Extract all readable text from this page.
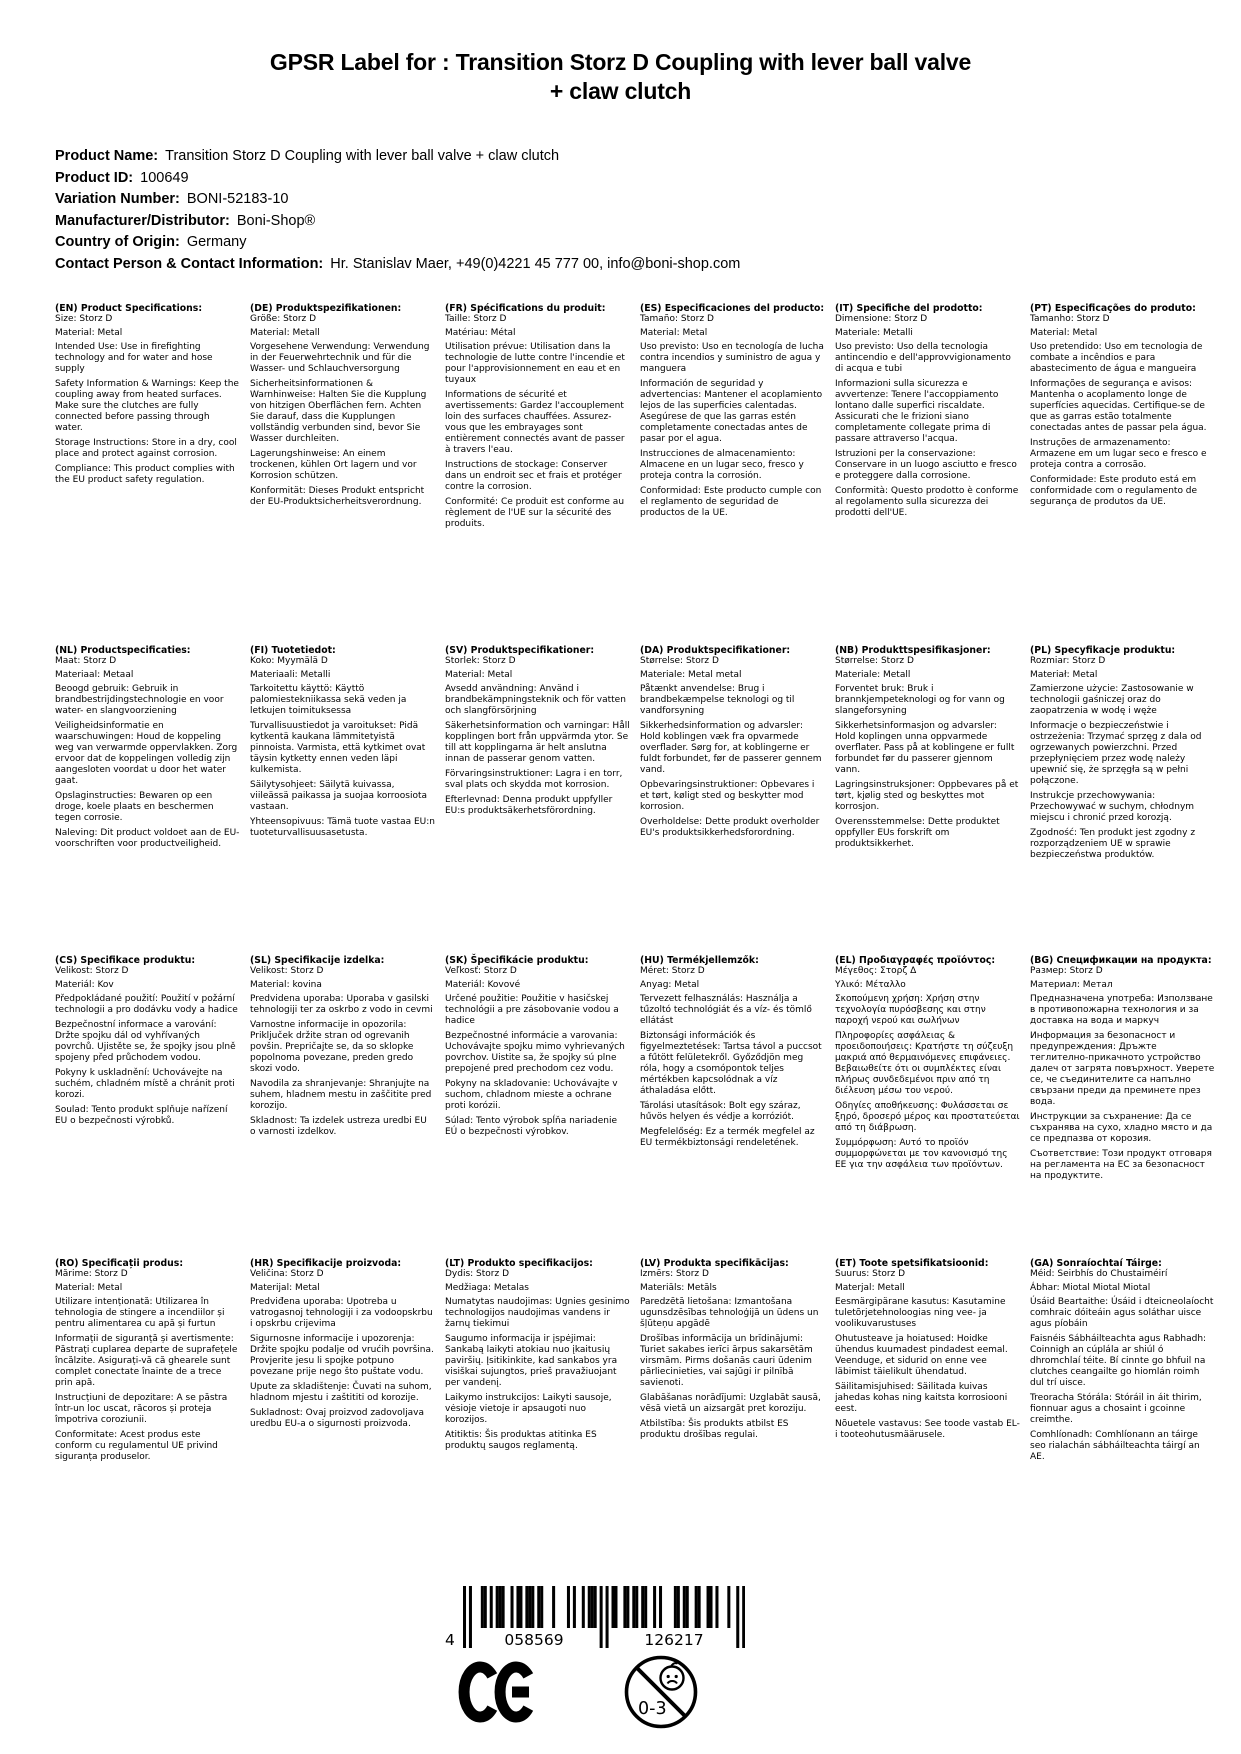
GPSR Label for : Transition Storz D Coupling with lever ball valve
+ claw clutch
Product Name: Transition Storz D Coupling with lever ball valve + claw clutch
Product ID: 100649
Variation Number: BONI-52183-10
Manufacturer/Distributor: Boni-Shop®
Country of Origin: Germany
Contact Person & Contact Information: Hr. Stanislav Maer, +49(0)4221 45 777 00, info@boni-shop.com
(EN) Product Specifications:

Size: Storz D

Material: Metal

Intended Use: Use in firefighting technology and for water and hose supply

Safety Information & Warnings: Keep the coupling away from heated surfaces. Make sure the clutches are fully connected before passing through water.

Storage Instructions: Store in a dry, cool place and protect against corrosion.

Compliance: This product complies with the EU product safety regulation.

(DE) Produktspezifikationen:

Größe: Storz D

Material: Metall

Vorgesehene Verwendung: Verwendung in der Feuerwehrtechnik und für die Wasser- und Schlauchversorgung

Sicherheitsinformationen & Warnhinweise: Halten Sie die Kupplung von hitzigen Oberflächen fern. Achten Sie darauf, dass die Kupplungen vollständig verbunden sind, bevor Sie Wasser durchleiten.

Lagerungshinweise: An einem trockenen, kühlen Ort lagern und vor Korrosion schützen.

Konformität: Dieses Produkt entspricht der EU-Produktsicherheitsverordnung.

(FR) Spécifications du produit:

Taille: Storz D

Matériau: Métal

Utilisation prévue: Utilisation dans la technologie de lutte contre l'incendie et pour l'approvisionnement en eau et en tuyaux

Informations de sécurité et avertissements: Gardez l'accouplement loin des surfaces chauffées. Assurez-vous que les embrayages sont entièrement connectés avant de passer à travers l'eau.

Instructions de stockage: Conserver dans un endroit sec et frais et protéger contre la corrosion.

Conformité: Ce produit est conforme au règlement de l'UE sur la sécurité des produits.

(ES) Especificaciones del producto:

Tamaño: Storz D

Material: Metal

Uso previsto: Uso en tecnología de lucha contra incendios y suministro de agua y manguera

Información de seguridad y advertencias: Mantener el acoplamiento lejos de las superficies calentadas. Asegúrese de que las garras estén completamente conectadas antes de pasar por el agua.

Instrucciones de almacenamiento: Almacene en un lugar seco, fresco y proteja contra la corrosión.

Conformidad: Este producto cumple con el reglamento de seguridad de productos de la UE.

(IT) Specifiche del prodotto:

Dimensione: Storz D

Materiale: Metalli

Uso previsto: Uso della tecnologia antincendio e dell'approvvigionamento di acqua e tubi

Informazioni sulla sicurezza e avvertenze: Tenere l'accoppiamento lontano dalle superfici riscaldate. Assicurati che le frizioni siano completamente collegate prima di passare attraverso l'acqua.

Istruzioni per la conservazione: Conservare in un luogo asciutto e fresco e proteggere dalla corrosione.

Conformità: Questo prodotto è conforme al regolamento sulla sicurezza dei prodotti dell'UE.

(PT) Especificações do produto:

Tamanho: Storz D

Material: Metal

Uso pretendido: Uso em tecnologia de combate a incêndios e para abastecimento de água e mangueira

Informações de segurança e avisos: Mantenha o acoplamento longe de superfícies aquecidas. Certifique-se de que as garras estão totalmente conectadas antes de passar pela água.

Instruções de armazenamento: Armazene em um lugar seco e fresco e proteja contra a corrosão.

Conformidade: Este produto está em conformidade com o regulamento de segurança de produtos da UE.

(NL) Productspecificaties:

Maat: Storz D

Materiaal: Metaal

Beoogd gebruik: Gebruik in brandbestrijdingstechnologie en voor water- en slangvoorziening

Veiligheidsinformatie en waarschuwingen: Houd de koppeling weg van verwarmde oppervlakken. Zorg ervoor dat de koppelingen volledig zijn aangesloten voordat u door het water gaat.

Opslaginstructies: Bewaren op een droge, koele plaats en beschermen tegen corrosie.

Naleving: Dit product voldoet aan de EU-voorschriften voor productveiligheid.

(FI) Tuotetiedot:

Koko: Myymälä D

Materiaali: Metalli

Tarkoitettu käyttö: Käyttö palomiestekniikassa sekä veden ja letkujen toimituksessa

Turvallisuustiedot ja varoitukset: Pidä kytkentä kaukana lämmitetyistä pinnoista. Varmista, että kytkimet ovat täysin kytketty ennen veden läpi kulkemista.

Säilytysohjeet: Säilytä kuivassa, viileässä paikassa ja suojaa korroosiota vastaan.

Yhteensopivuus: Tämä tuote vastaa EU:n tuoteturvallisuusasetusta.

(SV) Produktspecifikationer:

Storlek: Storz D

Material: Metal

Avsedd användning: Använd i brandbekämpningsteknik och för vatten och slangförsörjning

Säkerhetsinformation och varningar: Håll kopplingen bort från uppvärmda ytor. Se till att kopplingarna är helt anslutna innan de passerar genom vatten.

Förvaringsinstruktioner: Lagra i en torr, sval plats och skydda mot korrosion.

Efterlevnad: Denna produkt uppfyller EU:s produktsäkerhetsförordning.

(DA) Produktspecifikationer:

Størrelse: Storz D

Materiale: Metal metal

Påtænkt anvendelse: Brug i brandbekæmpelse teknologi og til vandforsyning

Sikkerhedsinformation og advarsler: Hold koblingen væk fra opvarmede overflader. Sørg for, at koblingerne er fuldt forbundet, før de passerer gennem vand.

Opbevaringsinstruktioner: Opbevares i et tørt, køligt sted og beskytter mod korrosion.

Overholdelse: Dette produkt overholder EU's produktsikkerhedsforordning.

(NB) Produkttspesifikasjoner:

Størrelse: Storz D

Materiale: Metall

Forventet bruk: Bruk i brannkjempeteknologi og for vann og slangeforsyning

Sikkerhetsinformasjon og advarsler: Hold koplingen unna oppvarmede overflater. Pass på at koblingene er fullt forbundet før du passerer gjennom vann.

Lagringsinstruksjoner: Oppbevares på et tørt, kjølig sted og beskyttes mot korrosjon.

Overensstemmelse: Dette produktet oppfyller EUs forskrift om produktsikkerhet.

(PL) Specyfikacje produktu:

Rozmiar: Storz D

Materiał: Metal

Zamierzone użycie: Zastosowanie w technologii gaśniczej oraz do zaopatrzenia w wodę i węże

Informacje o bezpieczeństwie i ostrzeżenia: Trzymać sprzęg z dala od ogrzewanych powierzchni. Przed przepłynięciem przez wodę należy upewnić się, że sprzęgła są w pełni połączone.

Instrukcje przechowywania: Przechowywać w suchym, chłodnym miejscu i chronić przed korozją.

Zgodność: Ten produkt jest zgodny z rozporządzeniem UE w sprawie bezpieczeństwa produktów.

(CS) Specifikace produktu:

Velikost: Storz D

Materiál: Kov

Předpokládané použití: Použití v požární technologii a pro dodávku vody a hadice

Bezpečnostní informace a varování: Držte spojku dál od vyhřívaných povrchů. Ujistěte se, že spojky jsou plně spojeny před průchodem vodou.

Pokyny k uskladnění: Uchovávejte na suchém, chladném místě a chránit proti korozi.

Soulad: Tento produkt splňuje nařízení EU o bezpečnosti výrobků.

(SL) Specifikacije izdelka:

Velikost: Storz D

Material: kovina

Predvidena uporaba: Uporaba v gasilski tehnologiji ter za oskrbo z vodo in cevmi

Varnostne informacije in opozorila: Priključek držite stran od ogrevanih povšin. Prepričajte se, da so sklopke popolnoma povezane, preden gredo skozi vodo.

Navodila za shranjevanje: Shranjujte na suhem, hladnem mestu in zaščitite pred korozijo.

Skladnost: Ta izdelek ustreza uredbi EU o varnosti izdelkov.

(SK) Špecifikácie produktu:

Veľkosť: Storz D

Materiál: Kovové

Určené použitie: Použitie v hasičskej technológii a pre zásobovanie vodou a hadice

Bezpečnostné informácie a varovania: Uchovávajte spojku mimo vyhrievaných povrchov. Uistite sa, že spojky sú plne prepojené pred prechodom cez vodu.

Pokyny na skladovanie: Uchovávajte v suchom, chladnom mieste a ochrane proti korózii.

Súlad: Tento výrobok spĺňa nariadenie EÚ o bezpečnosti výrobkov.

(HU) Termékjellemzők:

Méret: Storz D

Anyag: Metal

Tervezett felhasználás: Használja a tűzoltó technológiát és a víz- és tömlő ellátást

Biztonsági információk és figyelmeztetések: Tartsa távol a puccsot a fűtött felületekről. Győződjön meg róla, hogy a csomópontok teljes mértékben kapcsolódnak a víz áthaladása előtt.

Tárolási utasítások: Bolt egy száraz, hűvös helyen és védje a korróziót.

Megfelelőség: Ez a termék megfelel az EU termékbiztonsági rendeletének.

(EL) Προδιαγραφές προϊόντος:

Μέγεθος: Στορζ Δ

Υλικό: Μέταλλο

Σκοπούμενη χρήση: Χρήση στην τεχνολογία πυρόσβεσης και στην παροχή νερού και σωλήνων

Πληροφορίες ασφάλειας & προειδοποιήσεις: Κρατήστε τη σύζευξη μακριά από θερμαινόμενες επιφάνειες. Βεβαιωθείτε ότι οι συμπλέκτες είναι πλήρως συνδεδεμένοι πριν από τη διέλευση μέσω του νερού.

Οδηγίες αποθήκευσης: Φυλάσσεται σε ξηρό, δροσερό μέρος και προστατεύεται από τη διάβρωση.

Συμμόρφωση: Αυτό το προϊόν συμμορφώνεται με τον κανονισμό της ΕΕ για την ασφάλεια των προϊόντων.

(BG) Спецификации на продукта:

Размер: Storz D

Материал: Метал

Предназначена употреба: Използване в противопожарна технология и за доставка на вода и маркуч

Информация за безопасност и предупреждения: Дръжте теглително-прикачното устройство далеч от загрята повърхност. Уверете се, че съединителите са напълно свързани преди да преминете през вода.

Инструкции за съхранение: Да се съхранява на сухо, хладно място и да се предпазва от корозия.

Съответствие: Този продукт отговаря на регламента на ЕС за безопасност на продуктите.

(RO) Specificații produs:

Mărime: Storz D

Material: Metal

Utilizare intenționată: Utilizarea în tehnologia de stingere a incendiilor și pentru alimentarea cu apă și furtun

Informații de siguranță și avertismente: Păstrați cuplarea departe de suprafețele încălzite. Asigurați-vă că ghearele sunt complet conectate înainte de a trece prin apă.

Instrucțiuni de depozitare: A se păstra într-un loc uscat, răcoros și proteja împotriva coroziunii.

Conformitate: Acest produs este conform cu regulamentul UE privind siguranța produselor.

(HR) Specifikacije proizvoda:

Veličina: Storz D

Materijal: Metal

Predviđena uporaba: Upotreba u vatrogasnoj tehnologiji i za vodoopskrbu i opskrbu crijevima

Sigurnosne informacije i upozorenja: Držite spojku podalje od vrućih površina. Provjerite jesu li spojke potpuno povezane prije nego što puštate vodu.

Upute za skladištenje: Čuvati na suhom, hladnom mjestu i zaštititi od korozije.

Sukladnost: Ovaj proizvod zadovoljava uredbu EU-a o sigurnosti proizvoda.

(LT) Produkto specifikacijos:

Dydis: Storz D

Medžiaga: Metalas

Numatytas naudojimas: Ugnies gesinimo technologijos naudojimas vandens ir žarnų tiekimui

Saugumo informacija ir įspėjimai: Sankabą laikyti atokiau nuo įkaitusių paviršių. Įsitikinkite, kad sankabos yra visiškai sujungtos, prieš pravažiuojant per vandenį.

Laikymo instrukcijos: Laikyti sausoje, vėsioje vietoje ir apsaugoti nuo korozijos.

Atitiktis: Šis produktas atitinka ES produktų saugos reglamentą.

(LV) Produkta specifikācijas:

Izmērs: Storz D

Materiāls: Metāls

Paredzētā lietošana: Izmantošana ugunsdzēsības tehnoloģijā un ūdens un šļūteņu apgādē

Drošības informācija un brīdinājumi: Turiet sakabes ierīci ārpus sakarsētām virsmām. Pirms došanās cauri ūdenim pārliecinieties, vai sajūgi ir pilnībā savienoti.

Glabāšanas norādījumi: Uzglabāt sausā, vēsā vietā un aizsargāt pret koroziju.

Atbilstība: Šis produkts atbilst ES produktu drošības regulai.

(ET) Toote spetsifikatsioonid:

Suurus: Storz D

Materjal: Metall

Eesmärgipärane kasutus: Kasutamine tuletõrjetehnoloogias ning vee- ja voolikuvarustuses

Ohutusteave ja hoiatused: Hoidke ühendus kuumadest pindadest eemal. Veenduge, et sidurid on enne vee läbimist täielikult ühendatud.

Säilitamisjuhised: Säilitada kuivas jahedas kohas ning kaitsta korrosiooni eest.

Nõuetele vastavus: See toode vastab EL-i tooteohutusmäärusele.

(GA) Sonraíochtaí Táirge:

Méid: Seirbhís do Chustaiméirí

Ábhar: Miotal Miotal Miotal

Úsáid Beartaithe: Úsáid i dteicneolaíocht comhraic dóiteáin agus soláthar uisce agus píobáin

Faisnéis Sábháilteachta agus Rabhadh: Coinnigh an cúplála ar shiúl ó dhromchlaí téite. Bí cinnte go bhfuil na clutches ceangailte go hiomlán roimh dul trí uisce.

Treoracha Stórála: Stóráil in áit thirim, fionnuar agus a chosaint i gcoinne creimthe.

Comhlíonadh: Comhlíonann an táirge seo rialachán sábháilteachta táirgí an AE.

4	058569	126217
0-3
